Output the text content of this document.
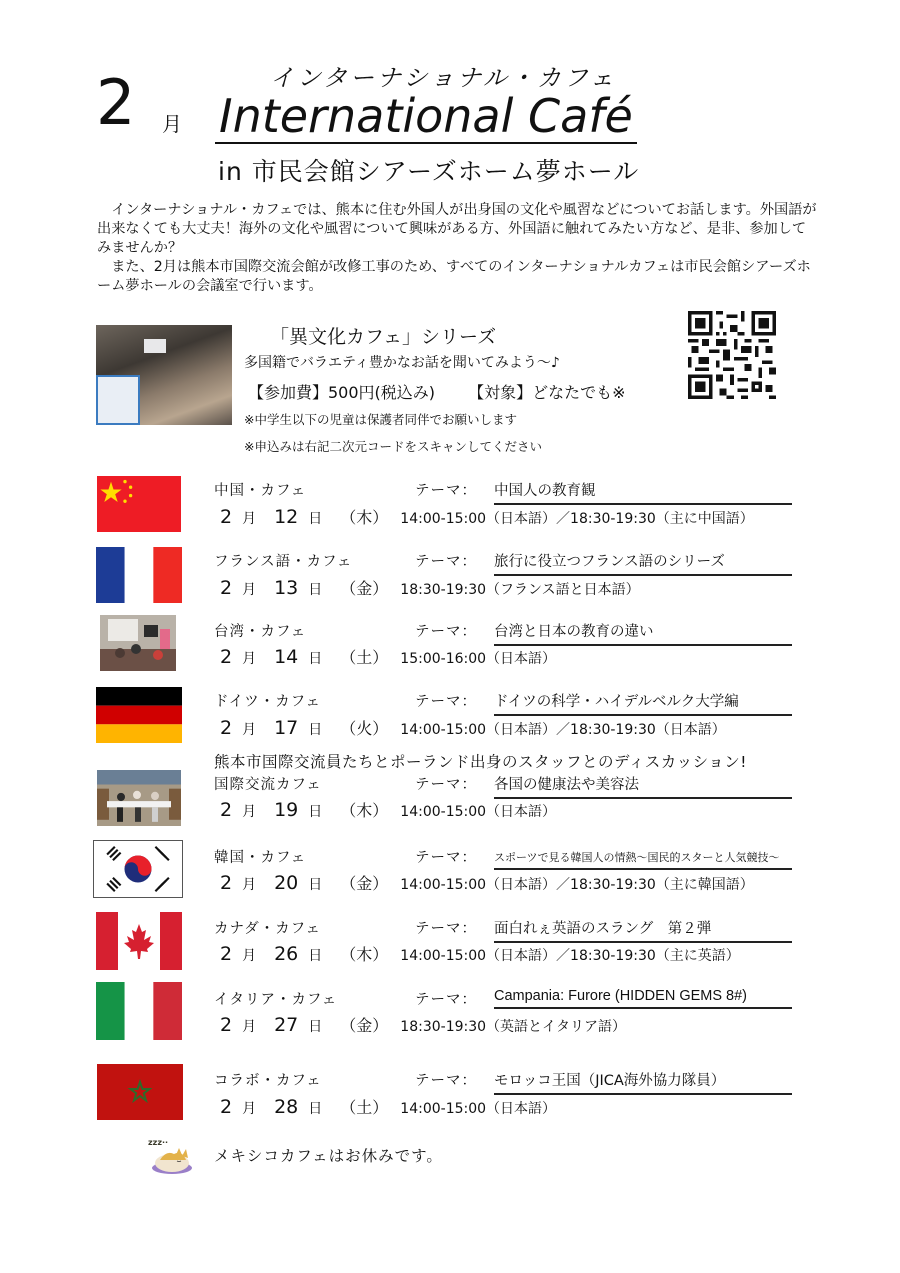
2 月
インターナショナル・カフェ
International Café
in 市民会館シアーズホーム夢ホール

インターナショナル・カフェでは、熊本に住む外国人が出身国の文化や風習などについてお話します。外国語が出来なくても大丈夫！海外の文化や風習について興味がある方、外国語に触れてみたい方など、是非、参加してみませんか？

また、2月は熊本市国際交流会館が改修工事のため、すべてのインターナショナルカフェは市民会館シアーズホーム夢ホールの会議室で行います。

「異文化カフェ」シリーズ
多国籍でバラエティ豊かなお話を聞いてみよう～♪
【参加費】500円(税込み) 【対象】どなたでも※
※中学生以下の児童は保護者同伴でお願いします
※申込みは右記二次元コードをスキャンしてください
中国・カフェ	テーマ： 中国人の教育観
2 月 12 日 （木） 14:00-15:00（日本語）／18:30-19:30（主に中国語）
フランス語・カフェ	テーマ： 旅行に役立つフランス語のシリーズ
2 月 13 日 （金） 18:30-19:30（フランス語と日本語）
台湾・カフェ	テーマ： 台湾と日本の教育の違い
2 月 14 日 （土） 15:00-16:00（日本語）
ドイツ・カフェ	テーマ： ドイツの科学・ハイデルベルク大学編
2 月 17 日 （火） 14:00-15:00（日本語）／18:30-19:30（日本語）
熊本市国際交流員たちとポーランド出身のスタッフとのディスカッション!
国際交流カフェ	テーマ： 各国の健康法や美容法
2 月 19 日 （木） 14:00-15:00（日本語）
韓国・カフェ	テーマ： スポーツで見る韓国人の情熱～国民的スターと人気競技～
2 月 20 日 （金） 14:00-15:00（日本語）／18:30-19:30（主に韓国語）
カナダ・カフェ	テーマ： 面白れぇ英語のスラング　第２弾
2 月 26 日 （木） 14:00-15:00（日本語）／18:30-19:30（主に英語）
イタリア・カフェ	テーマ： Campania: Furore (HIDDEN GEMS 8#)
2 月 27 日 （金） 18:30-19:30（英語とイタリア語）
コラボ・カフェ	テーマ： モロッコ王国（JICA海外協力隊員）
2 月 28 日 （土） 14:00-15:00（日本語）
zzz··
メキシコカフェはお休みです。
